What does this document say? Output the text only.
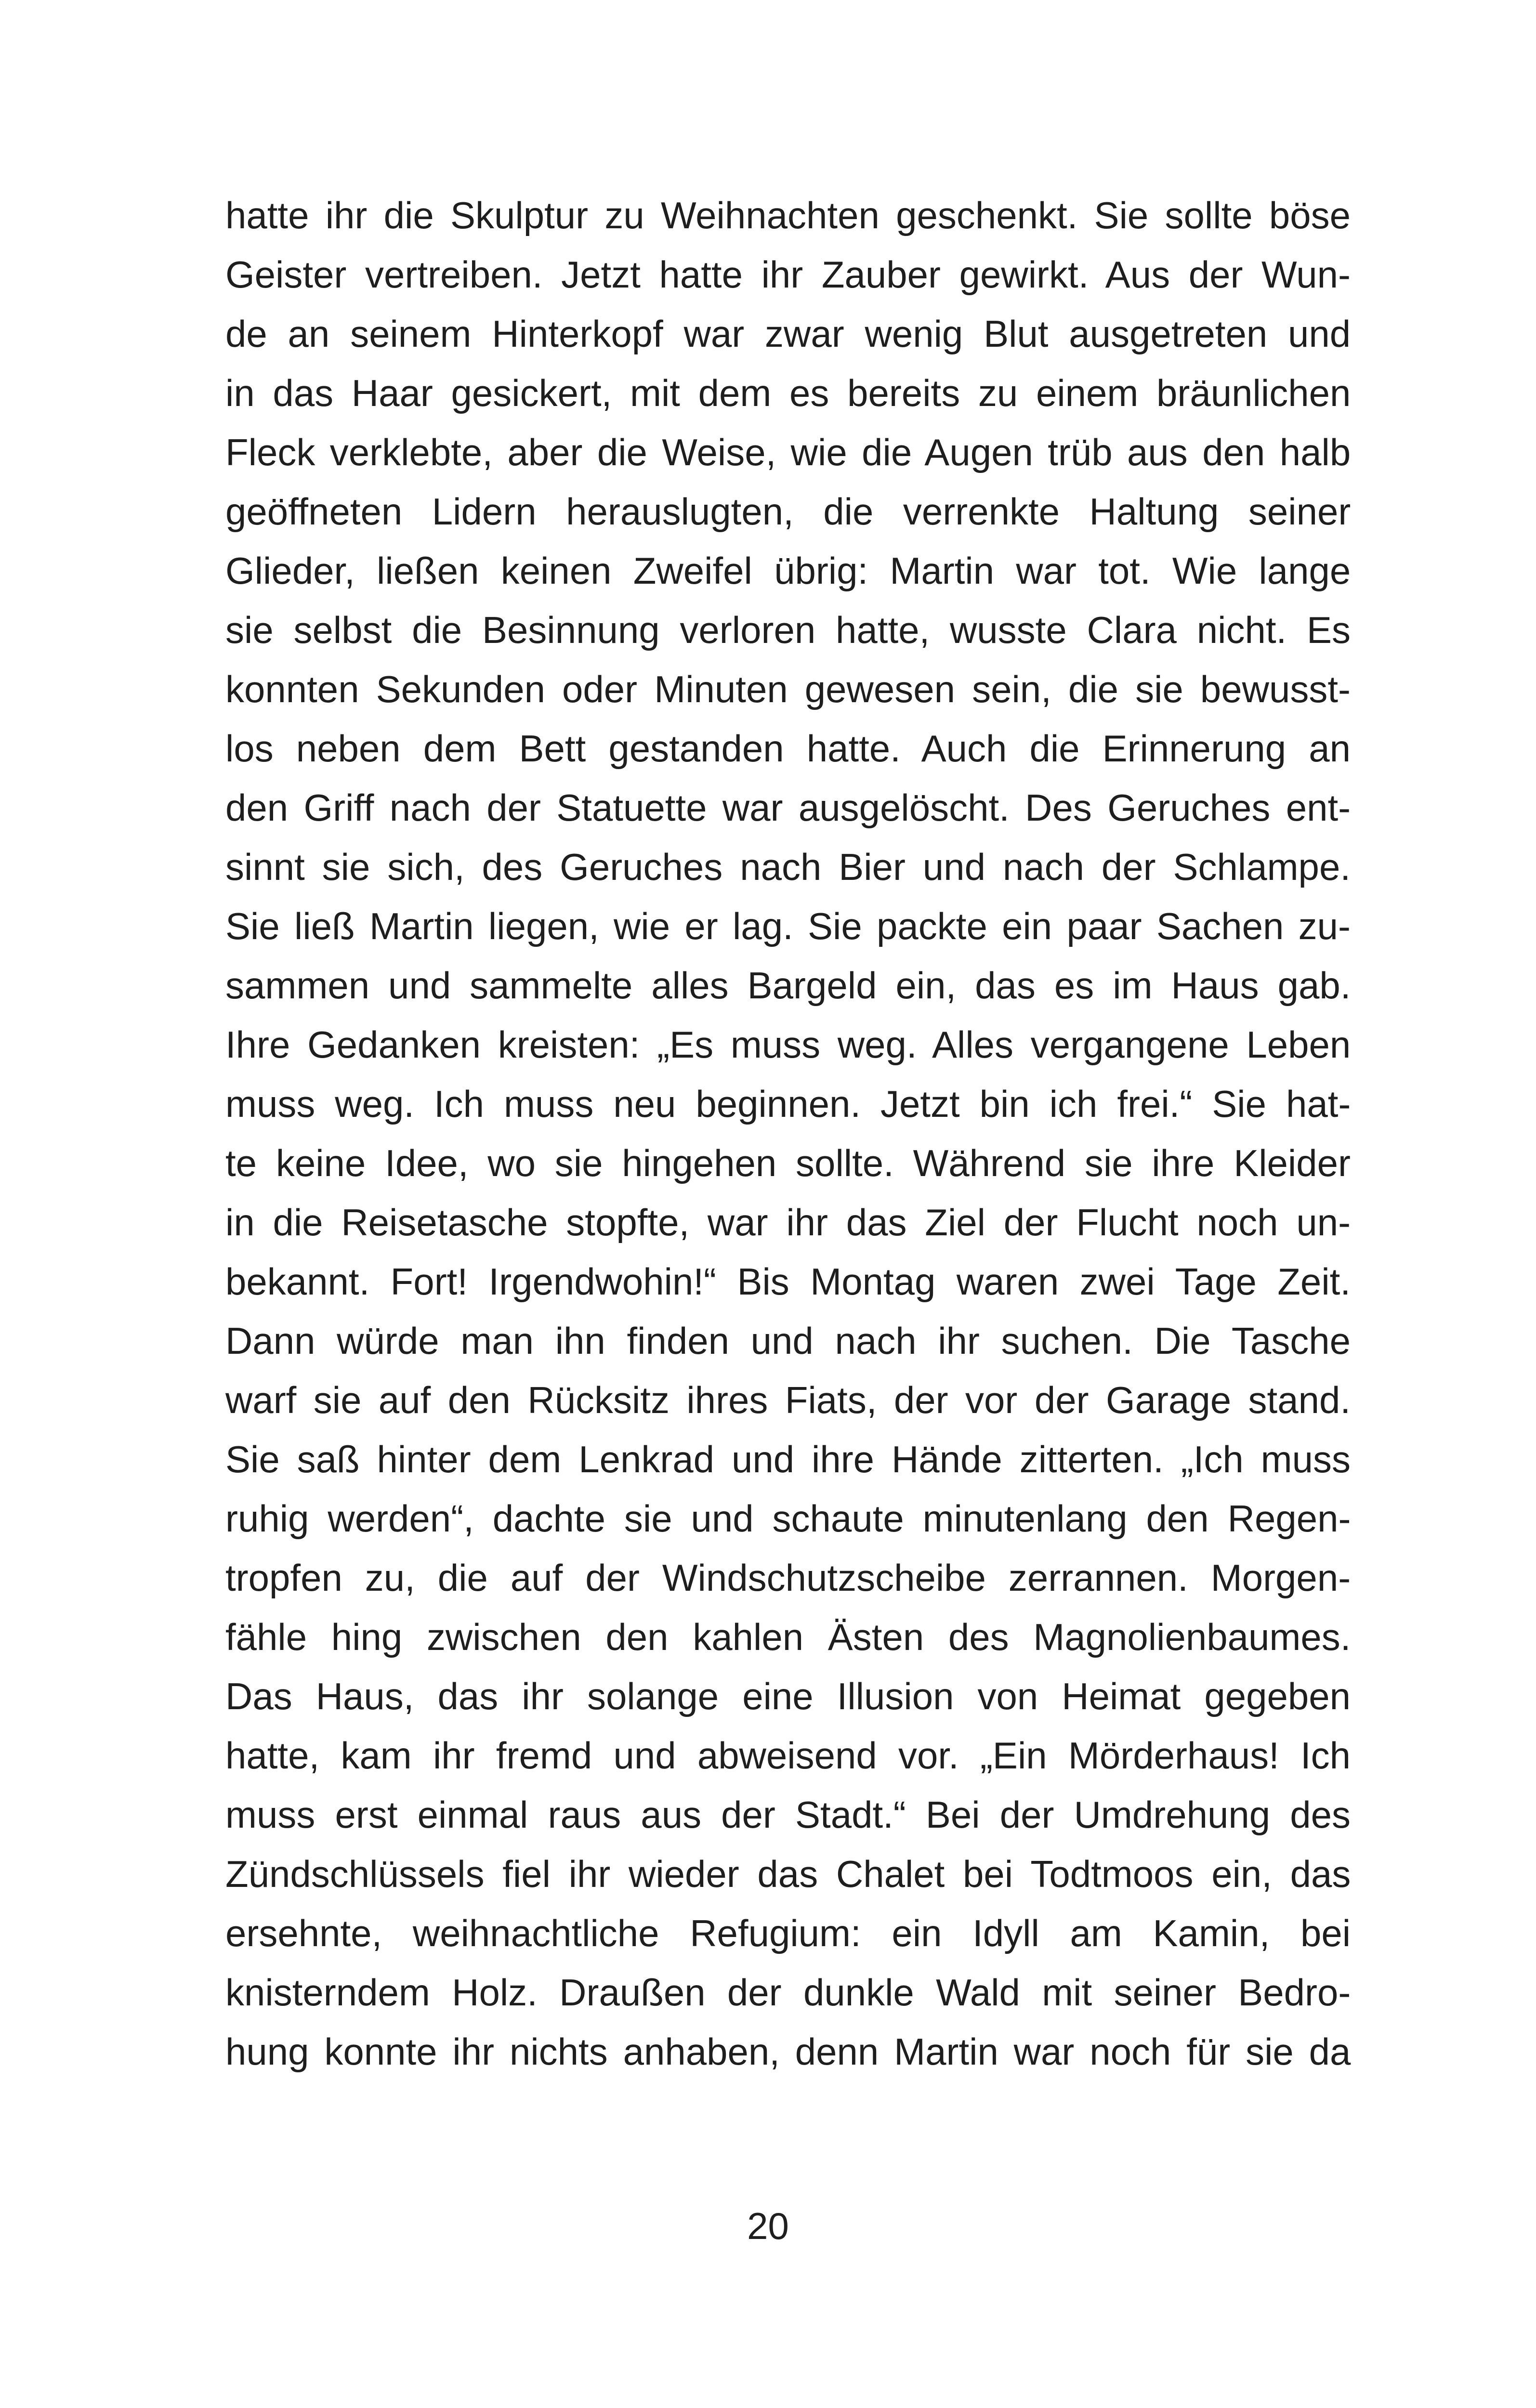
hatte ihr die Skulptur zu Weihnachten geschenkt. Sie sollte böse
Geister vertreiben. Jetzt hatte ihr Zauber gewirkt. Aus der Wun-
de an seinem Hinterkopf war zwar wenig Blut ausgetreten und
in das Haar gesickert, mit dem es bereits zu einem bräunlichen
Fleck verklebte, aber die Weise, wie die Augen trüb aus den halb
geöffneten Lidern herauslugten, die verrenkte Haltung seiner
Glieder, ließen keinen Zweifel übrig: Martin war tot. Wie lange
sie selbst die Besinnung verloren hatte, wusste Clara nicht. Es
konnten Sekunden oder Minuten gewesen sein, die sie bewusst-
los neben dem Bett gestanden hatte. Auch die Erinnerung an
den Griff nach der Statuette war ausgelöscht. Des Geruches ent-
sinnt sie sich, des Geruches nach Bier und nach der Schlampe.
Sie ließ Martin liegen, wie er lag. Sie packte ein paar Sachen zu-
sammen und sammelte alles Bargeld ein, das es im Haus gab.
Ihre Gedanken kreisten: „Es muss weg. Alles vergangene Leben
muss weg. Ich muss neu beginnen. Jetzt bin ich frei.“ Sie hat-
te keine Idee, wo sie hingehen sollte. Während sie ihre Kleider
in die Reisetasche stopfte, war ihr das Ziel der Flucht noch un-
bekannt. Fort! Irgendwohin!“ Bis Montag waren zwei Tage Zeit.
Dann würde man ihn finden und nach ihr suchen. Die Tasche
warf sie auf den Rücksitz ihres Fiats, der vor der Garage stand.
Sie saß hinter dem Lenkrad und ihre Hände zitterten. „Ich muss
ruhig werden“, dachte sie und schaute minutenlang den Regen-
tropfen zu, die auf der Windschutzscheibe zerrannen. Morgen-
fähle hing zwischen den kahlen Ästen des Magnolienbaumes.
Das Haus, das ihr solange eine Illusion von Heimat gegeben
hatte, kam ihr fremd und abweisend vor. „Ein Mörderhaus! Ich
muss erst einmal raus aus der Stadt.“ Bei der Umdrehung des
Zündschlüssels fiel ihr wieder das Chalet bei Todtmoos ein, das
ersehnte, weihnachtliche Refugium: ein Idyll am Kamin, bei
knisterndem Holz. Draußen der dunkle Wald mit seiner Bedro-
hung konnte ihr nichts anhaben, denn Martin war noch für sie da
20
